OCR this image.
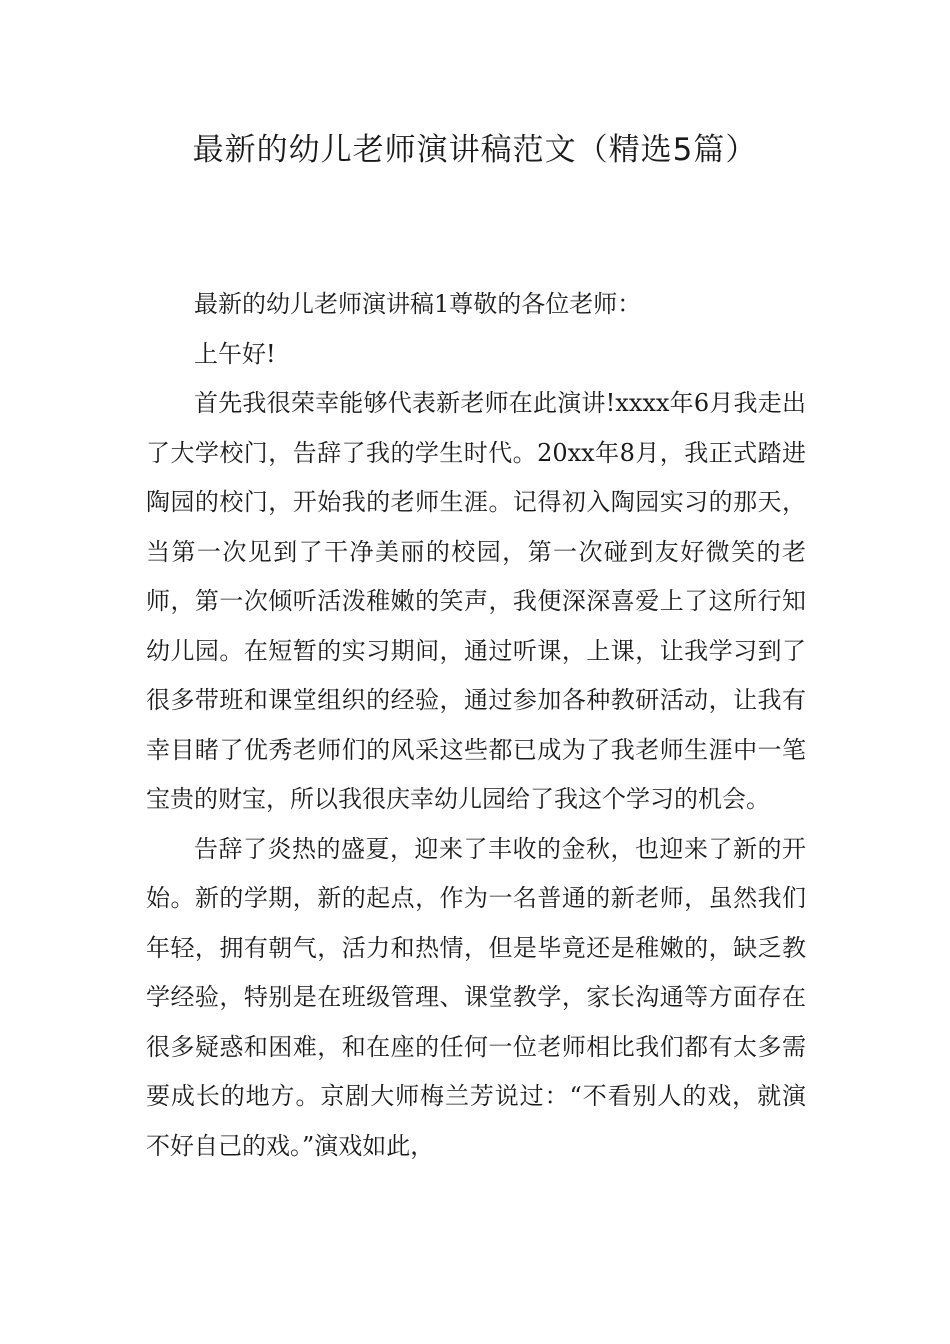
最新的幼儿老师演讲稿范文（精选5篇）

最新的幼儿老师演讲稿1尊敬的各位老师：

上午好!

首先我很荣幸能够代表新老师在此演讲!xxxx年6月我走出了大学校门，告辞了我的学生时代。20xx年8月，我正式踏进陶园的校门，开始我的老师生涯。记得初入陶园实习的那天，当第一次见到了干净美丽的校园，第一次碰到友好微笑的老师，第一次倾听活泼稚嫩的笑声，我便深深喜爱上了这所行知幼儿园。在短暂的实习期间，通过听课，上课，让我学习到了很多带班和课堂组织的经验，通过参加各种教研活动，让我有幸目睹了优秀老师们的风采这些都已成为了我老师生涯中一笔宝贵的财宝，所以我很庆幸幼儿园给了我这个学习的机会。

告辞了炎热的盛夏，迎来了丰收的金秋，也迎来了新的开始。新的学期，新的起点，作为一名普通的新老师，虽然我们年轻，拥有朝气，活力和热情，但是毕竟还是稚嫩的，缺乏教学经验，特别是在班级管理、课堂教学，家长沟通等方面存在很多疑惑和困难，和在座的任何一位老师相比我们都有太多需要成长的地方。京剧大师梅兰芳说过：“不看别人的戏，就演不好自己的戏。”演戏如此，
